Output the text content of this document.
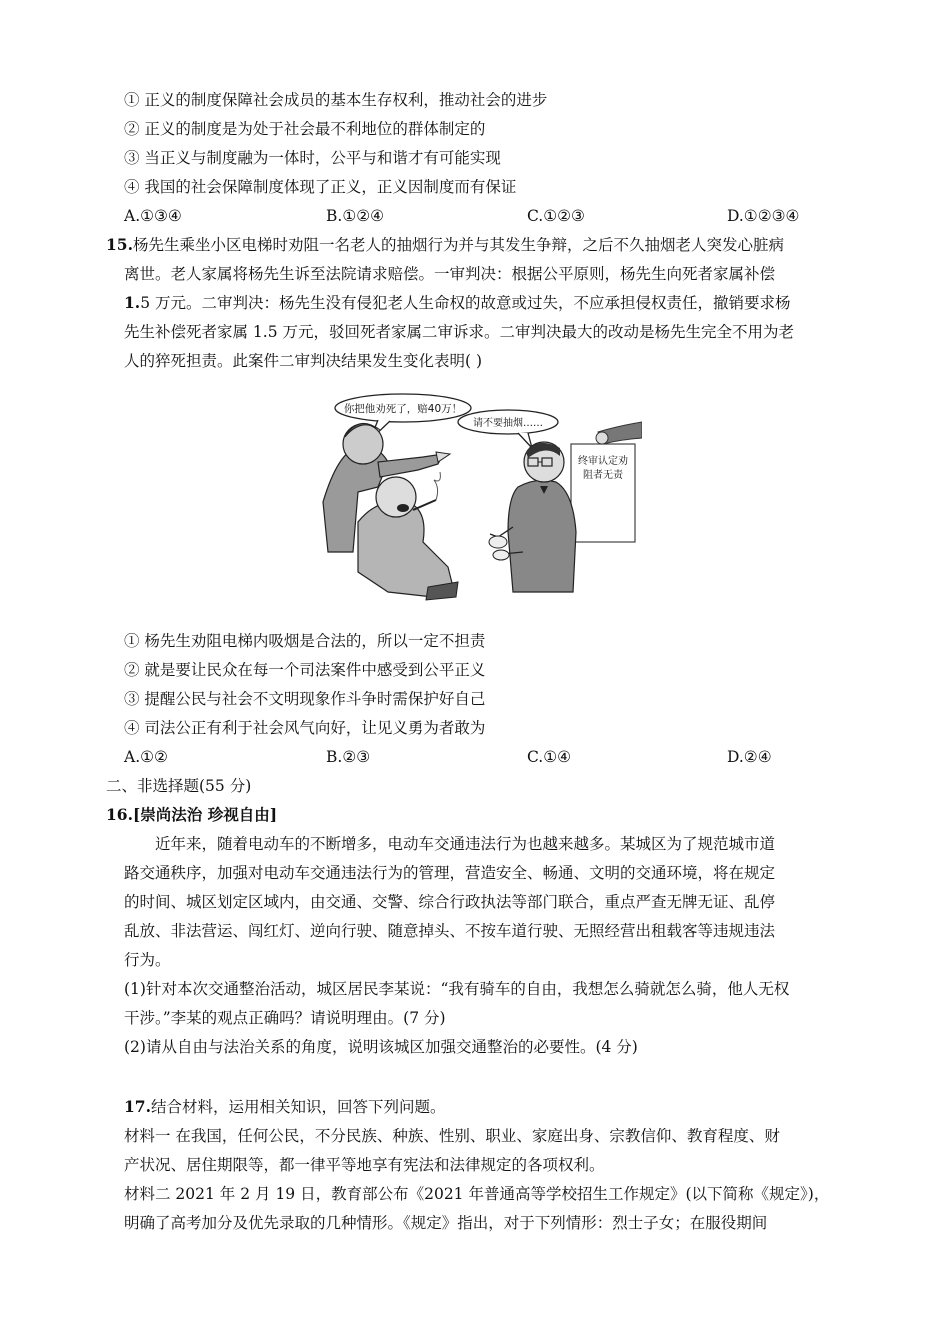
① 正义的制度保障社会成员的基本生存权利，推动社会的进步
② 正义的制度是为处于社会最不利地位的群体制定的
③ 当正义与制度融为一体时，公平与和谐才有可能实现
④ 我国的社会保障制度体现了正义，正义因制度而有保证
A.①③④	B.①②④	C.①②③	D.①②③④
15.杨先生乘坐小区电梯时劝阻一名老人的抽烟行为并与其发生争辩，之后不久抽烟老人突发心脏病
离世。老人家属将杨先生诉至法院请求赔偿。一审判决：根据公平原则，杨先生向死者家属补偿
1.5 万元。二审判决：杨先生没有侵犯老人生命权的故意或过失，不应承担侵权责任，撤销要求杨
先生补偿死者家属 1.5 万元，驳回死者家属二审诉求。二审判决最大的改动是杨先生完全不用为老
人的猝死担责。此案件二审判决结果发生变化表明( )
你把他劝死了，赔40万！
请不要抽烟……
终审认定劝
阻者无责
① 杨先生劝阻电梯内吸烟是合法的，所以一定不担责
② 就是要让民众在每一个司法案件中感受到公平正义
③ 提醒公民与社会不文明现象作斗争时需保护好自己
④ 司法公正有利于社会风气向好，让见义勇为者敢为
A.①②	B.②③	C.①④	D.②④
二、非选择题(55 分)
16.[崇尚法治 珍视自由]
近年来，随着电动车的不断增多，电动车交通违法行为也越来越多。某城区为了规范城市道
路交通秩序，加强对电动车交通违法行为的管理，营造安全、畅通、文明的交通环境，将在规定
的时间、城区划定区域内，由交通、交警、综合行政执法等部门联合，重点严查无牌无证、乱停
乱放、非法营运、闯红灯、逆向行驶、随意掉头、不按车道行驶、无照经营出租载客等违规违法
行为。
(1)针对本次交通整治活动，城区居民李某说：“我有骑车的自由，我想怎么骑就怎么骑，他人无权
干涉。”李某的观点正确吗？请说明理由。(7 分)
(2)请从自由与法治关系的角度，说明该城区加强交通整治的必要性。(4 分)
17.结合材料，运用相关知识，回答下列问题。
材料一 在我国，任何公民，不分民族、种族、性别、职业、家庭出身、宗教信仰、教育程度、财
产状况、居住期限等，都一律平等地享有宪法和法律规定的各项权利。
材料二 2021 年 2 月 19 日，教育部公布《2021 年普通高等学校招生工作规定》(以下简称《规定》)，
明确了高考加分及优先录取的几种情形。《规定》指出，对于下列情形：烈士子女；在服役期间
